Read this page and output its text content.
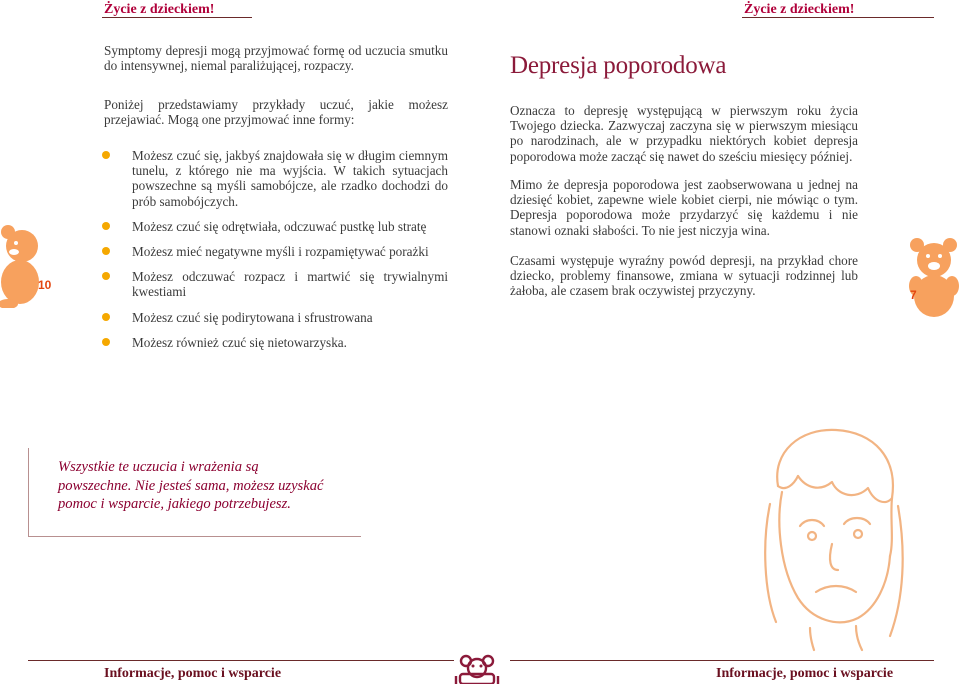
Życie z dzieckiem!	Życie z dzieckiem!

Symptomy depresji mogą przyjmować formę od uczucia smutku do intensywnej, niemal paraliżującej, rozpaczy.

Poniżej przedstawiamy przykłady uczuć, jakie możesz przejawiać. Mogą one przyjmować inne formy:

Możesz czuć się, jakbyś znajdowała się w długim ciemnym tunelu, z którego nie ma wyjścia. W takich sytuacjach powszechne są myśli samobójcze, ale rzadko dochodzi do prób samobójczych.
Możesz czuć się odrętwiała, odczuwać pustkę lub stratę
Możesz mieć negatywne myśli i rozpamiętywać porażki
Możesz odczuwać rozpacz i martwić się trywialnymi kwestiami
Możesz czuć się podirytowana i sfrustrowana
Możesz również czuć się nietowarzyska.
10
Wszystkie te uczucia i wrażenia są powszechne. Nie jesteś sama, możesz uzyskać pomoc i wsparcie, jakiego potrzebujesz.
Depresja poporodowa

Oznacza to depresję występującą w pierwszym roku życia Twojego dziecka. Zazwyczaj zaczyna się w pierwszym miesiącu po narodzinach, ale w przypadku niektórych kobiet depresja poporodowa może zacząć się nawet do sześciu miesięcy później.

Mimo że depresja poporodowa jest zaobserwowana u jednej na dziesięć kobiet, zapewne wiele kobiet cierpi, nie mówiąc o tym. Depresja poporodowa może przydarzyć się każdemu i nie stanowi oznaki słabości. To nie jest niczyja wina.

Czasami występuje wyraźny powód depresji, na przykład chore dziecko, problemy finansowe, zmiana w sytuacji rodzinnej lub żałoba, ale czasem brak oczywistej przyczyny.	7
Informacje, pomoc i wsparcie	Informacje, pomoc i wsparcie
